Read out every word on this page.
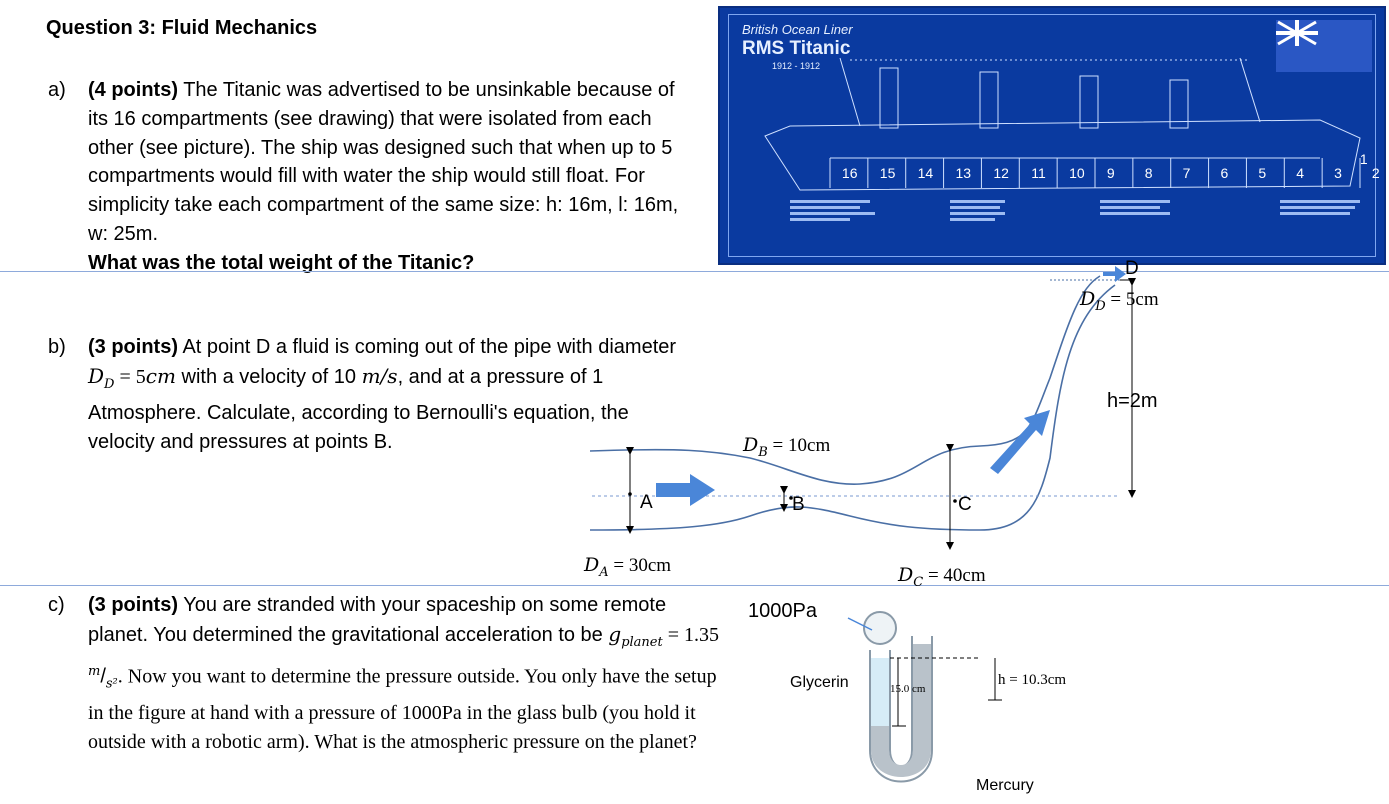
Question 3: Fluid Mechanics
a)	(4 points) The Titanic was advertised to be unsinkable because of its 16 compartments (see drawing) that were isolated from each other (see picture). The ship was designed such that when up to 5 compartments would fill with water the ship would still float. For simplicity take each compartment of the same size: h: 16m, l: 16m, w: 25m.
What was the total weight of the Titanic?
b)	(3 points) At point D a fluid is coming out of the pipe with diameter $D_D = 5cm$ with a velocity of 10 m/s, and at a pressure of 1 Atmosphere. Calculate, according to Bernoulli's equation, the velocity and pressures at points B.
c)	(3 points) You are stranded with your spaceship on some remote planet. You determined the gravitational acceleration to be $g_{planet} = 1.35$ $^m/_{s^2}$. Now you want to determine the pressure outside. You only have the setup in the figure at hand with a pressure of 1000Pa in the glass bulb (you hold it outside with a robotic arm). What is the atmospheric pressure on the planet?
British Ocean Liner
RMS Titanic
1912 - 1912
16 15 14 13 12 11 10 9 8 7 6 5 4 3 2
1
A	B	C
D
h=2m
$D_A = 30cm$
$D_B = 10cm$
$D_C = 40cm$
$D_D = 5cm$
1000Pa
Glycerin
Mercury
15.0 cm
h = 10.3cm
